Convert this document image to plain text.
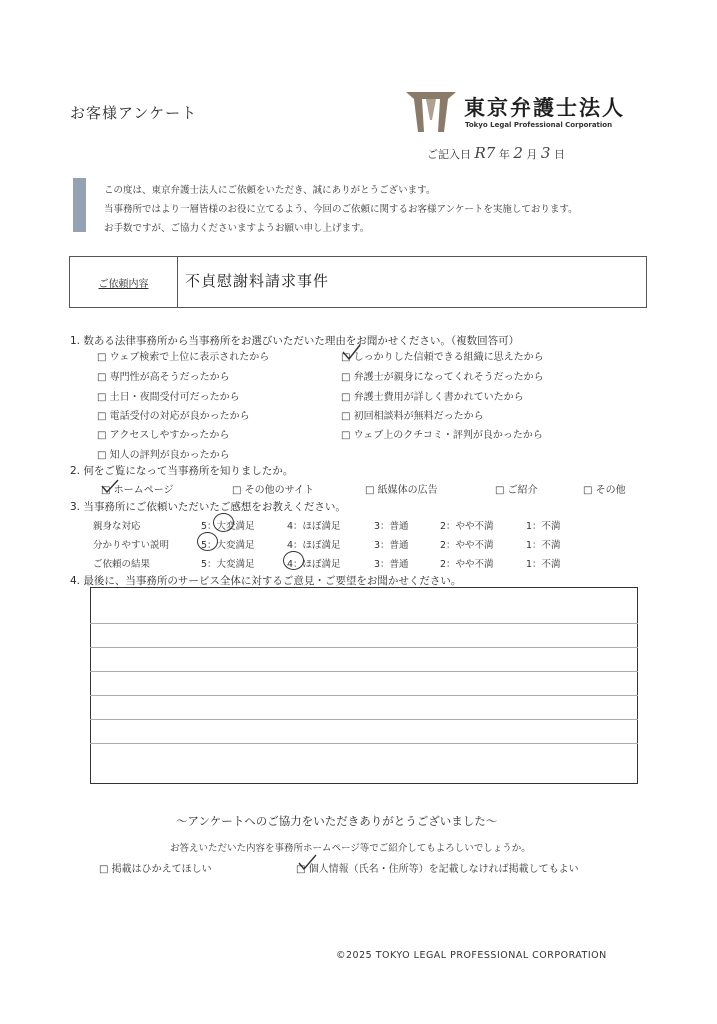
お客様アンケート	東京弁護士法人
Tokyo Legal Professional Corporation
ご記入日 R7 年 2 月 3 日
この度は、東京弁護士法人にご依頼をいただき、誠にありがとうございます。
当事務所ではより一層皆様のお役に立てるよう、今回のご依頼に関するお客様アンケートを実施しております。
お手数ですが、ご協力くださいますようお願い申し上げます。
ご依頼内容 不貞慰謝料請求事件
1. 数ある法律事務所から当事務所をお選びいただいた理由をお聞かせください。（複数回答可）
□ ウェブ検索で上位に表示されたから	□ しっかりした信頼できる組織に思えたから
□ 専門性が高そうだったから	□ 弁護士が親身になってくれそうだったから
□ 土日・夜間受付可だったから	□ 弁護士費用が詳しく書かれていたから
□ 電話受付の対応が良かったから	□ 初回相談料が無料だったから
□ アクセスしやすかったから	□ ウェブ上のクチコミ・評判が良かったから
□ 知人の評判が良かったから
2. 何をご覧になって当事務所を知りましたか。
□ ホームページ	□ その他のサイト	□ 紙媒体の広告	□ ご紹介	□ その他
3. 当事務所にご依頼いただいたご感想をお教えください。
親身な対応	5：大変満足	4：ほぼ満足	3：普通	2：やや不満	1：不満
分かりやすい説明	5：大変満足	4：ほぼ満足	3：普通	2：やや不満	1：不満
ご依頼の結果	5：大変満足	4：ほぼ満足	3：普通	2：やや不満	1：不満
4. 最後に、当事務所のサービス全体に対するご意見・ご要望をお聞かせください。
～アンケートへのご協力をいただきありがとうございました～
お答えいただいた内容を事務所ホームページ等でご紹介してもよろしいでしょうか。
□ 掲載はひかえてほしい	□ 個人情報（氏名・住所等）を記載しなければ掲載してもよい
©2025 TOKYO LEGAL PROFESSIONAL CORPORATION
